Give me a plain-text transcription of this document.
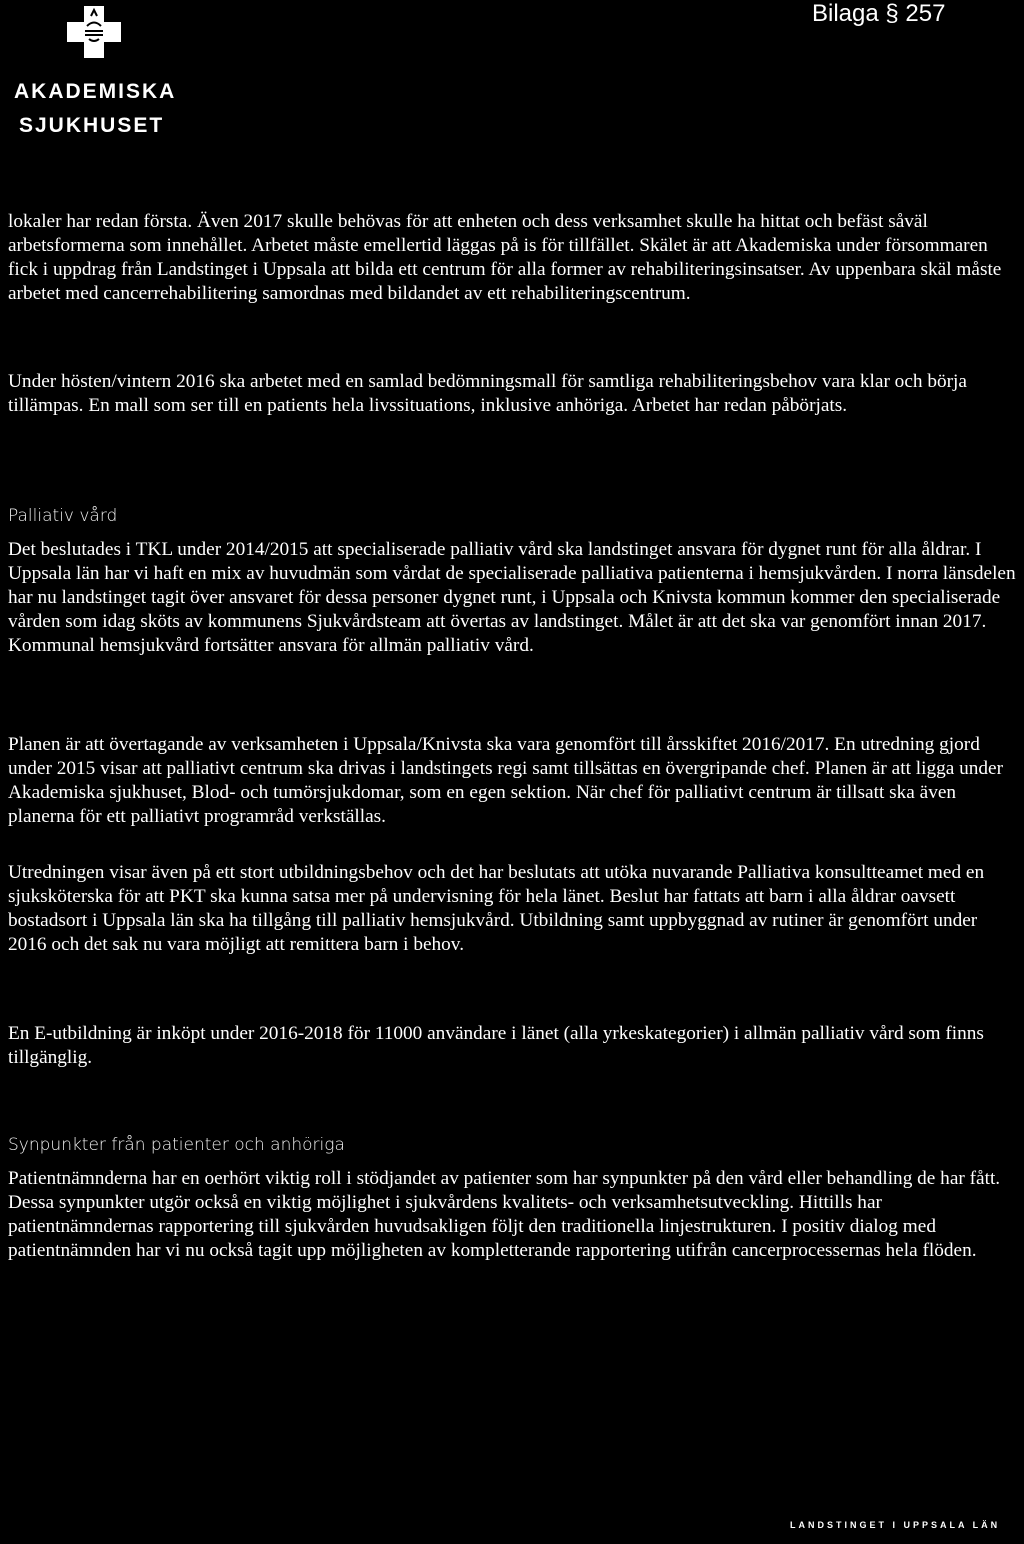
AKADEMISKA
SJUKHUSET
Bilaga § 257

lokaler har redan första. Även 2017 skulle behövas för att enheten och dess verksamhet skulle ha hittat och befäst såväl arbetsformerna som innehållet. Arbetet måste emellertid läggas på is för tillfället. Skälet är att Akademiska under försommaren fick i uppdrag från Landstinget i Uppsala att bilda ett centrum för alla former av rehabiliteringsinsatser. Av uppenbara skäl måste arbetet med cancerrehabilitering samordnas med bildandet av ett rehabiliteringscentrum.

Under hösten/vintern 2016 ska arbetet med en samlad bedömningsmall för samtliga rehabiliteringsbehov vara klar och börja tillämpas. En mall som ser till en patients hela livssituations, inklusive anhöriga. Arbetet har redan påbörjats.

Palliativ vård

Det beslutades i TKL under 2014/2015 att specialiserade palliativ vård ska landstinget ansvara för dygnet runt för alla åldrar. I Uppsala län har vi haft en mix av huvudmän som vårdat de specialiserade palliativa patienterna i hemsjukvården. I norra länsdelen har nu landstinget tagit över ansvaret för dessa personer dygnet runt, i Uppsala och Knivsta kommun kommer den specialiserade vården som idag sköts av kommunens Sjukvårdsteam att övertas av landstinget. Målet är att det ska var genomfört innan 2017. Kommunal hemsjukvård fortsätter ansvara för allmän palliativ vård.

Planen är att övertagande av verksamheten i Uppsala/Knivsta ska vara genomfört till årsskiftet 2016/2017. En utredning gjord under 2015 visar att palliativt centrum ska drivas i landstingets regi samt tillsättas en övergripande chef. Planen är att ligga under Akademiska sjukhuset, Blod- och tumörsjukdomar, som en egen sektion. När chef för palliativt centrum är tillsatt ska även planerna för ett palliativt programråd verkställas.

Utredningen visar även på ett stort utbildningsbehov och det har beslutats att utöka nuvarande Palliativa konsultteamet med en sjuksköterska för att PKT ska kunna satsa mer på undervisning för hela länet. Beslut har fattats att barn i alla åldrar oavsett bostadsort i Uppsala län ska ha tillgång till palliativ hemsjukvård. Utbildning samt uppbyggnad av rutiner är genomfört under 2016 och det sak nu vara möjligt att remittera barn i behov.

En E-utbildning är inköpt under 2016-2018 för 11000 användare i länet (alla yrkeskategorier) i allmän palliativ vård som finns tillgänglig.

Synpunkter från patienter och anhöriga

Patientnämnderna har en oerhört viktig roll i stödjandet av patienter som har synpunkter på den vård eller behandling de har fått. Dessa synpunkter utgör också en viktig möjlighet i sjukvårdens kvalitets- och verksamhetsutveckling. Hittills har patientnämndernas rapportering till sjukvården huvudsakligen följt den traditionella linjestrukturen. I positiv dialog med patientnämnden har vi nu också tagit upp möjligheten av kompletterande rapportering utifrån cancerprocessernas hela flöden.

LANDSTINGET I UPPSALA LÄN
